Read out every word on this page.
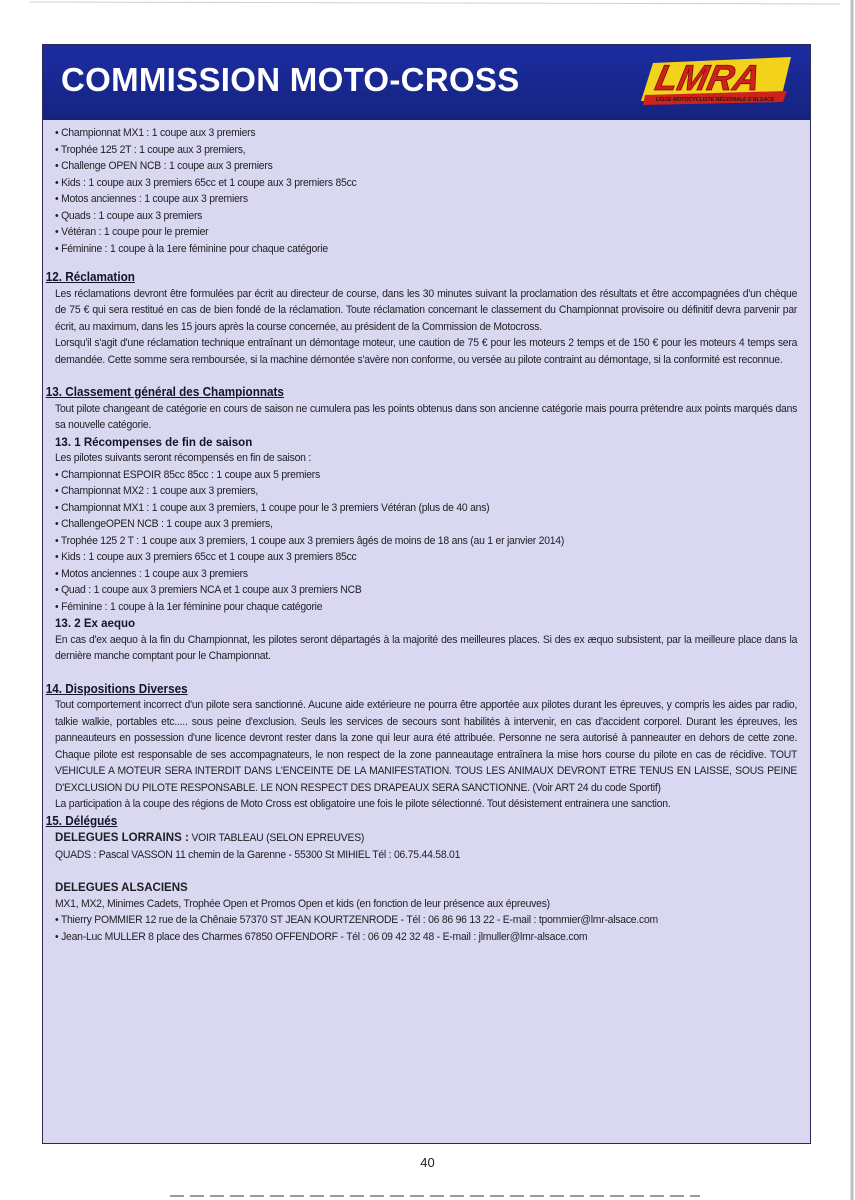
COMMISSION MOTO-CROSS	LMRA
LIGUE MOTOCYCLISTE RÉGIONALE D'ALSACE
• Championnat MX1 : 1 coupe aux 3 premiers
• Trophée 125 2T : 1 coupe aux 3 premiers,
• Challenge OPEN NCB : 1 coupe aux 3 premiers
• Kids : 1 coupe aux 3 premiers 65cc et 1 coupe aux 3 premiers 85cc
• Motos anciennes : 1 coupe aux 3 premiers
• Quads : 1 coupe aux 3 premiers
• Vétéran : 1 coupe pour le premier
• Féminine : 1 coupe à la 1ere féminine pour chaque catégorie
12. Réclamation

Les réclamations devront être formulées par écrit au directeur de course, dans les 30 minutes suivant la proclamation des résultats et être accompagnées d'un chèque de 75 € qui sera restitué en cas de bien fondé de la réclamation. Toute réclamation concernant le classement du Championnat provisoire ou définitif devra parvenir par écrit, au maximum, dans les 15 jours après la course concernée, au président de la Commission de Motocross.

Lorsqu'il s'agit d'une réclamation technique entraînant un démontage moteur, une caution de 75 € pour les moteurs 2 temps et de 150 € pour les moteurs 4 temps sera demandée. Cette somme sera remboursée, si la machine démontée s'avère non conforme, ou versée au pilote contraint au démontage, si la conformité est reconnue.

13. Classement général des Championnats

Tout pilote changeant de catégorie en cours de saison ne cumulera pas les points obtenus dans son ancienne catégorie mais pourra prétendre aux points marqués dans sa nouvelle catégorie.

13. 1 Récompenses de fin de saison

Les pilotes suivants seront récompensés en fin de saison :

• Championnat ESPOIR 85cc 85cc : 1 coupe aux 5 premiers
• Championnat MX2 : 1 coupe aux 3 premiers,
• Championnat MX1 : 1 coupe aux 3 premiers, 1 coupe pour le 3 premiers Vétéran (plus de 40 ans)
• ChallengeOPEN NCB : 1 coupe aux 3 premiers,
• Trophée 125 2 T : 1 coupe aux 3 premiers, 1 coupe aux 3 premiers âgés de moins de 18 ans (au 1 er janvier 2014)
• Kids : 1 coupe aux 3 premiers 65cc et 1 coupe aux 3 premiers 85cc
• Motos anciennes : 1 coupe aux 3 premiers
• Quad : 1 coupe aux 3 premiers NCA et 1 coupe aux 3 premiers NCB
• Féminine : 1 coupe à la 1er féminine pour chaque catégorie
13. 2 Ex aequo

En cas d'ex aequo à la fin du Championnat, les pilotes seront départagés à la majorité des meilleures places. Si des ex æquo subsistent, par la meilleure place dans la dernière manche comptant pour le Championnat.

14. Dispositions Diverses

Tout comportement incorrect d'un pilote sera sanctionné. Aucune aide extérieure ne pourra être apportée aux pilotes durant les épreuves, y compris les aides par radio, talkie walkie, portables etc..... sous peine d'exclusion. Seuls les services de secours sont habilités à intervenir, en cas d'accident corporel. Durant les épreuves, les panneauteurs en possession d'une licence devront rester dans la zone qui leur aura été attribuée. Personne ne sera autorisé à panneauter en dehors de cette zone. Chaque pilote est responsable de ses accompagnateurs, le non respect de la zone panneautage entraînera la mise hors course du pilote en cas de récidive. TOUT VEHICULE A MOTEUR SERA INTERDIT DANS L'ENCEINTE DE LA MANIFESTATION. TOUS LES ANIMAUX DEVRONT ETRE TENUS EN LAISSE, SOUS PEINE D'EXCLUSION DU PILOTE RESPONSABLE. LE NON RESPECT DES DRAPEAUX SERA SANCTIONNE. (Voir ART 24 du code Sportif)

La participation à la coupe des régions de Moto Cross est obligatoire une fois le pilote sélectionné. Tout désistement entrainera une sanction.

15. Délégués

DELEGUES LORRAINS : VOIR TABLEAU (SELON EPREUVES)

QUADS : Pascal VASSON 11 chemin de la Garenne - 55300 St MIHIEL Tél : 06.75.44.58.01

DELEGUES ALSACIENS

MX1, MX2, Minimes Cadets, Trophée Open et Promos Open et kids (en fonction de leur présence aux épreuves)

• Thierry POMMIER 12 rue de la Chênaie 57370 ST JEAN KOURTZENRODE - Tél : 06 86 96 13 22 - E-mail : tpommier@lmr-alsace.com
• Jean-Luc MULLER 8 place des Charmes 67850 OFFENDORF - Tél : 06 09 42 32 48 - E-mail : jlmuller@lmr-alsace.com
40
